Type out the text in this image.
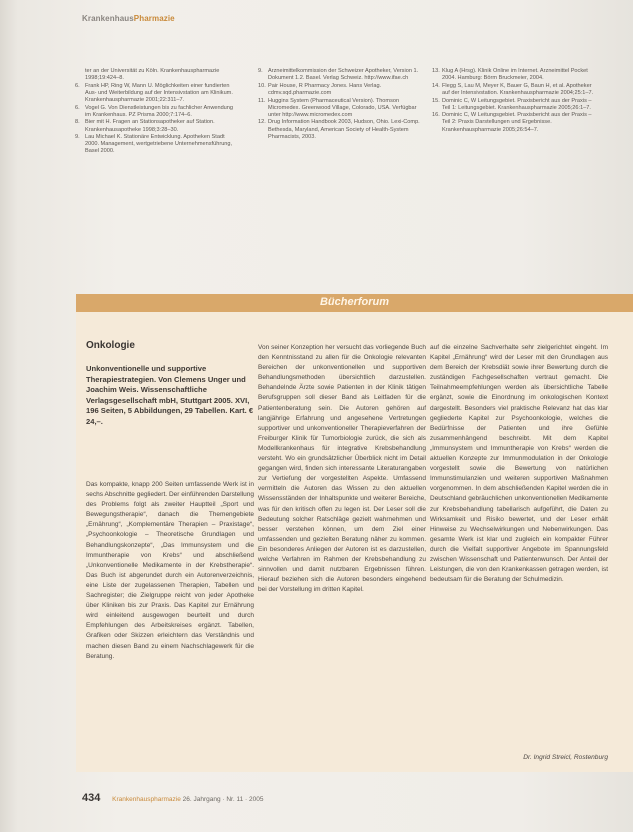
KrankenhausPharmazie
ter an der Universität zu Köln. Krankenhauspharmazie 1998;19:424–8.
6. Frank HP, Ring W, Mann U. Möglichkeiten einer fundierten Aus- und Weiterbildung auf der Intensivstation am Klinikum. Krankenhauspharmazie 2001;22:311–7.
6. Vogel G. Von Dienstleistungen bis zu fachlicher Anwendung im Krankenhaus. PZ Prisma 2000;7:174–6.
8. Bier mit H. Fragen an Stationsapotheker auf Station. Krankenhausapotheke 1998;3:28–30.
9. Lau Michael K. Stationäre Entwicklung. Apotheken Stadt 2000. Management, wertgetriebene Unternehmensführung, Basel 2000.
9. Arzneimittelkommission der Schweizer Apotheker, Version 1. Dokument 1.2. Basel. Verlag Schweiz. http://www.ifae.ch
10. Pair House, R Pharmacy Jones. Hans Verlag. cdmv.sqd.pharmazie.com
11. Huggins System (Pharmaceutical Version). Thomson Micromedex. Greenwood Village, Colorado, USA. Verfügbar unter http://www.micromedex.com
12. Drug Information Handbook 2003, Hudson, Ohio. Lexi-Comp. Bethesda, Maryland, American Society of Health-System Pharmacists, 2003.
13. Klug A (Hrsg). Klinik Online im Internet. Arzneimittel Pocket 2004. Hamburg: Börm Bruckmeier, 2004.
14. Flegg S, Lau M, Meyer K, Bauer G, Baun H, et al. Apotheker auf der Intensivstation. Krankenhauspharmazie 2004;25:1–7.
15. Dominic C, W Leitungsgebiet. Praxisbericht aus der Praxis – Teil 1: Leitungsgebiet. Krankenhauspharmazie 2005;26:1–7.
16. Dominic C, W Leitungsgebiet. Praxisbericht aus der Praxis – Teil 2: Praxis Darstellungen und Ergebnisse. Krankenhauspharmazie 2005;26:54–7.
Bücherforum
Onkologie
Unkonventionelle und supportive Therapiestrategien. Von Clemens Unger und Joachim Weis. Wissenschaftliche Verlagsgesellschaft mbH, Stuttgart 2005. XVI, 196 Seiten, 5 Abbildungen, 29 Tabellen. Kart. € 24,–.

Das kompakte, knapp 200 Seiten umfassende Werk ist in sechs Abschnitte gegliedert. Der einführenden Darstellung des Problems folgt als zweiter Hauptteil „Sport und Bewegungstherapie“, danach die Themengebiete „Ernährung“, „Komplementäre Therapien – Praxistage“, „Psychoonkologie – Theoretische Grundlagen und Behandlungskonzepte“, „Das Immunsystem und die Immuntherapie von Krebs“ und abschließend „Unkonventionelle Medikamente in der Krebstherapie“. Das Buch ist abgerundet durch ein Autorenverzeichnis, eine Liste der zugelassenen Therapien, Tabellen und Sachregister; die Zielgruppe reicht von jeder Apotheke über Kliniken bis zur Praxis. Das Kapitel zur Ernährung wird einleitend ausgewogen beurteilt und durch Empfehlungen des Arbeitskreises ergänzt. Tabellen, Grafiken oder Skizzen erleichtern das Verständnis und machen diesen Band zu einem Nachschlagewerk für die Beratung.

Von seiner Konzeption her versucht das vorliegende Buch den Kenntnisstand zu allen für die Onkologie relevanten Bereichen der unkonventionellen und supportiven Behandlungsmethoden übersichtlich darzustellen. Behandelnde Ärzte sowie Patienten in der Klinik tätigen Berufsgruppen soll dieser Band als Leitfaden für die Patientenberatung sein. Die Autoren gehören auf langjährige Erfahrung und angesehene Vertretungen supportiver und unkonventioneller Therapieverfahren der Freiburger Klinik für Tumorbiologie zurück, die sich als Modellkrankenhaus für integrative Krebsbehandlung versteht. Wo ein grundsätzlicher Überblick nicht im Detail gegangen wird, finden sich interessante Literaturangaben zur Vertiefung der vorgestellten Aspekte. Umfassend vermitteln die Autoren das Wissen zu den aktuellen Wissensständen der Inhaltspunkte und weiterer Bereiche, was für den kritisch offen zu legen ist. Der Leser soll die Bedeutung solcher Ratschläge gezielt wahrnehmen und besser verstehen können, um dem Ziel einer umfassenden und gezielten Beratung näher zu kommen. Ein besonderes Anliegen der Autoren ist es darzustellen, welche Verfahren im Rahmen der Krebsbehandlung zu sinnvollen und damit nutzbaren Ergebnissen führen. Hierauf beziehen sich die Autoren besonders eingehend bei der Vorstellung im dritten Kapitel.

auf die einzelne Sachverhalte sehr zielgerichtet eingeht. Im Kapitel „Ernährung“ wird der Leser mit den Grundlagen aus dem Bereich der Krebsdiät sowie ihrer Bewertung durch die zuständigen Fachgesellschaften vertraut gemacht. Die Teilnahmeempfehlungen werden als übersichtliche Tabelle ergänzt, sowie die Einordnung im onkologischen Kontext dargestellt. Besonders viel praktische Relevanz hat das klar gegliederte Kapitel zur Psychoonkologie, welches die Bedürfnisse der Patienten und ihre Gefühle zusammenhängend beschreibt. Mit dem Kapitel „Immunsystem und Immuntherapie von Krebs“ werden die aktuellen Konzepte zur Immunmodulation in der Onkologie vorgestellt sowie die Bewertung von natürlichen Immunstimulanzien und weiteren supportiven Maßnahmen vorgenommen. In dem abschließenden Kapitel werden die in Deutschland gebräuchlichen unkonventionellen Medikamente zur Krebsbehandlung tabellarisch aufgeführt, die Daten zu Wirksamkeit und Risiko bewertet, und der Leser erhält Hinweise zu Wechselwirkungen und Nebenwirkungen. Das gesamte Werk ist klar und zugleich ein kompakter Führer durch die Vielfalt supportiver Angebote im Spannungsfeld zwischen Wissenschaft und Patientenwunsch. Der Anteil der Leistungen, die von den Krankenkassen getragen werden, ist bedeutsam für die Beratung der Schulmedizin.

Dr. Ingrid Streicl, Rostenburg
434 Krankenhauspharmazie 26. Jahrgang · Nr. 11 · 2005
